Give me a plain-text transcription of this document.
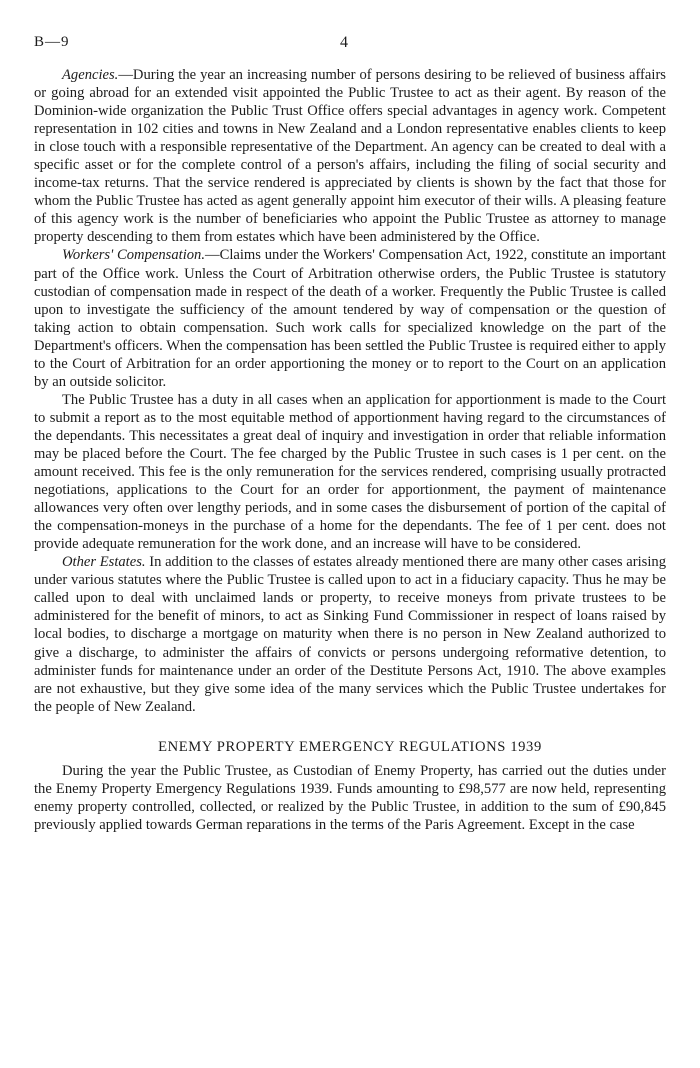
B—9	4

Agencies.—During the year an increasing number of persons desiring to be relieved of business affairs or going abroad for an extended visit appointed the Public Trustee to act as their agent. By reason of the Dominion-wide organization the Public Trust Office offers special advantages in agency work. Competent representation in 102 cities and towns in New Zealand and a London representative enables clients to keep in close touch with a responsible representative of the Department. An agency can be created to deal with a specific asset or for the complete control of a person's affairs, including the filing of social security and income-tax returns. That the service rendered is appreciated by clients is shown by the fact that those for whom the Public Trustee has acted as agent generally appoint him executor of their wills. A pleasing feature of this agency work is the number of beneficiaries who appoint the Public Trustee as attorney to manage property descending to them from estates which have been administered by the Office.

Workers' Compensation.—Claims under the Workers' Compensation Act, 1922, constitute an important part of the Office work. Unless the Court of Arbitration otherwise orders, the Public Trustee is statutory custodian of compensation made in respect of the death of a worker. Frequently the Public Trustee is called upon to investigate the sufficiency of the amount tendered by way of compensation or the question of taking action to obtain compensation. Such work calls for specialized knowledge on the part of the Department's officers. When the compensation has been settled the Public Trustee is required either to apply to the Court of Arbitration for an order apportioning the money or to report to the Court on an application by an outside solicitor.

The Public Trustee has a duty in all cases when an application for apportionment is made to the Court to submit a report as to the most equitable method of apportionment having regard to the circumstances of the dependants. This necessitates a great deal of inquiry and investigation in order that reliable information may be placed before the Court. The fee charged by the Public Trustee in such cases is 1 per cent. on the amount received. This fee is the only remuneration for the services rendered, comprising usually protracted negotiations, applications to the Court for an order for apportionment, the payment of maintenance allowances very often over lengthy periods, and in some cases the disbursement of portion of the capital of the compensation-moneys in the purchase of a home for the dependants. The fee of 1 per cent. does not provide adequate remuneration for the work done, and an increase will have to be considered.

Other Estates. In addition to the classes of estates already mentioned there are many other cases arising under various statutes where the Public Trustee is called upon to act in a fiduciary capacity. Thus he may be called upon to deal with unclaimed lands or property, to receive moneys from private trustees to be administered for the benefit of minors, to act as Sinking Fund Commissioner in respect of loans raised by local bodies, to discharge a mortgage on maturity when there is no person in New Zealand authorized to give a discharge, to administer the affairs of convicts or persons undergoing reformative detention, to administer funds for maintenance under an order of the Destitute Persons Act, 1910. The above examples are not exhaustive, but they give some idea of the many services which the Public Trustee undertakes for the people of New Zealand.

ENEMY PROPERTY EMERGENCY REGULATIONS 1939

During the year the Public Trustee, as Custodian of Enemy Property, has carried out the duties under the Enemy Property Emergency Regulations 1939. Funds amounting to £98,577 are now held, representing enemy property controlled, collected, or realized by the Public Trustee, in addition to the sum of £90,845 previously applied towards German reparations in the terms of the Paris Agreement. Except in the case
